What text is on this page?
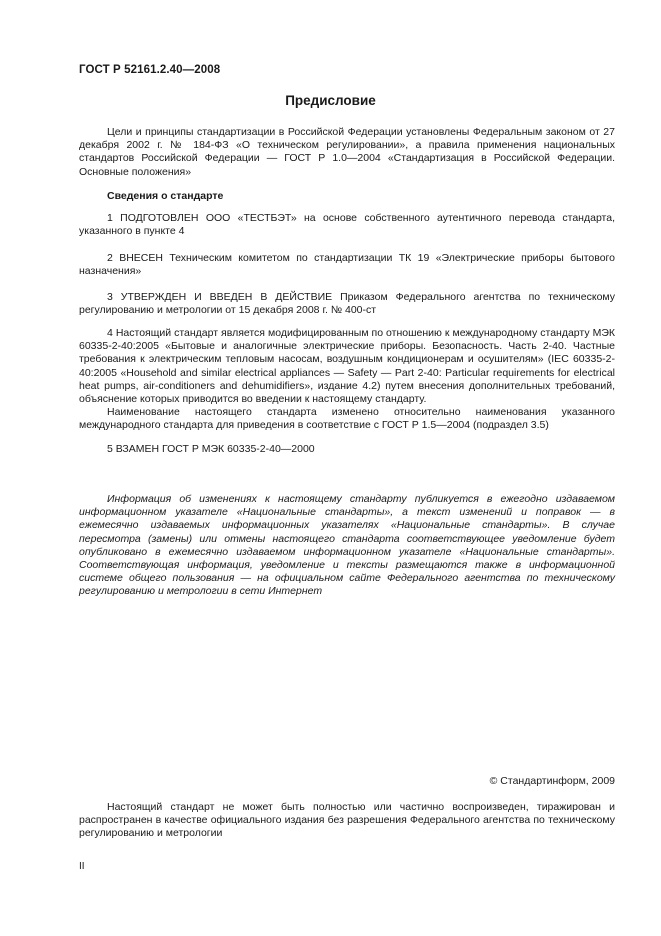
ГОСТ Р 52161.2.40—2008
Предисловие
Цели и принципы стандартизации в Российской Федерации установлены Федеральным законом от 27 декабря 2002 г. № 184-ФЗ «О техническом регулировании», а правила применения национальных стандартов Российской Федерации — ГОСТ Р 1.0—2004 «Стандартизация в Российской Федерации. Основные положения»
Сведения о стандарте
1 ПОДГОТОВЛЕН ООО «ТЕСТБЭТ» на основе собственного аутентичного перевода стандарта, указанного в пункте 4
2 ВНЕСЕН Техническим комитетом по стандартизации ТК 19 «Электрические приборы бытового назначения»
3 УТВЕРЖДЕН И ВВЕДЕН В ДЕЙСТВИЕ Приказом Федерального агентства по техническому регулированию и метрологии от 15 декабря 2008 г. № 400-ст

4 Настоящий стандарт является модифицированным по отношению к международному стандарту МЭК 60335-2-40:2005 «Бытовые и аналогичные электрические приборы. Безопасность. Часть 2-40. Частные требования к электрическим тепловым насосам, воздушным кондиционерам и осушителям» (IEC 60335-2-40:2005 «Household and similar electrical appliances — Safety — Part 2-40: Particular requirements for electrical heat pumps, air-conditioners and dehumidifiers», издание 4.2) путем внесения дополнительных требований, объяснение которых приводится во введении к настоящему стандарту.

Наименование настоящего стандарта изменено относительно наименования указанного международного стандарта для приведения в соответствие с ГОСТ Р 1.5—2004 (подраздел 3.5)

5 ВЗАМЕН ГОСТ Р МЭК 60335-2-40—2000
Информация об изменениях к настоящему стандарту публикуется в ежегодно издаваемом информационном указателе «Национальные стандарты», а текст изменений и поправок — в ежемесячно издаваемых информационных указателях «Национальные стандарты». В случае пересмотра (замены) или отмены настоящего стандарта соответствующее уведомление будет опубликовано в ежемесячно издаваемом информационном указателе «Национальные стандарты». Соответствующая информация, уведомление и тексты размещаются также в информационной системе общего пользования — на официальном сайте Федерального агентства по техническому регулированию и метрологии в сети Интернет
© Стандартинформ, 2009
Настоящий стандарт не может быть полностью или частично воспроизведен, тиражирован и распространен в качестве официального издания без разрешения Федерального агентства по техническому регулированию и метрологии
II
